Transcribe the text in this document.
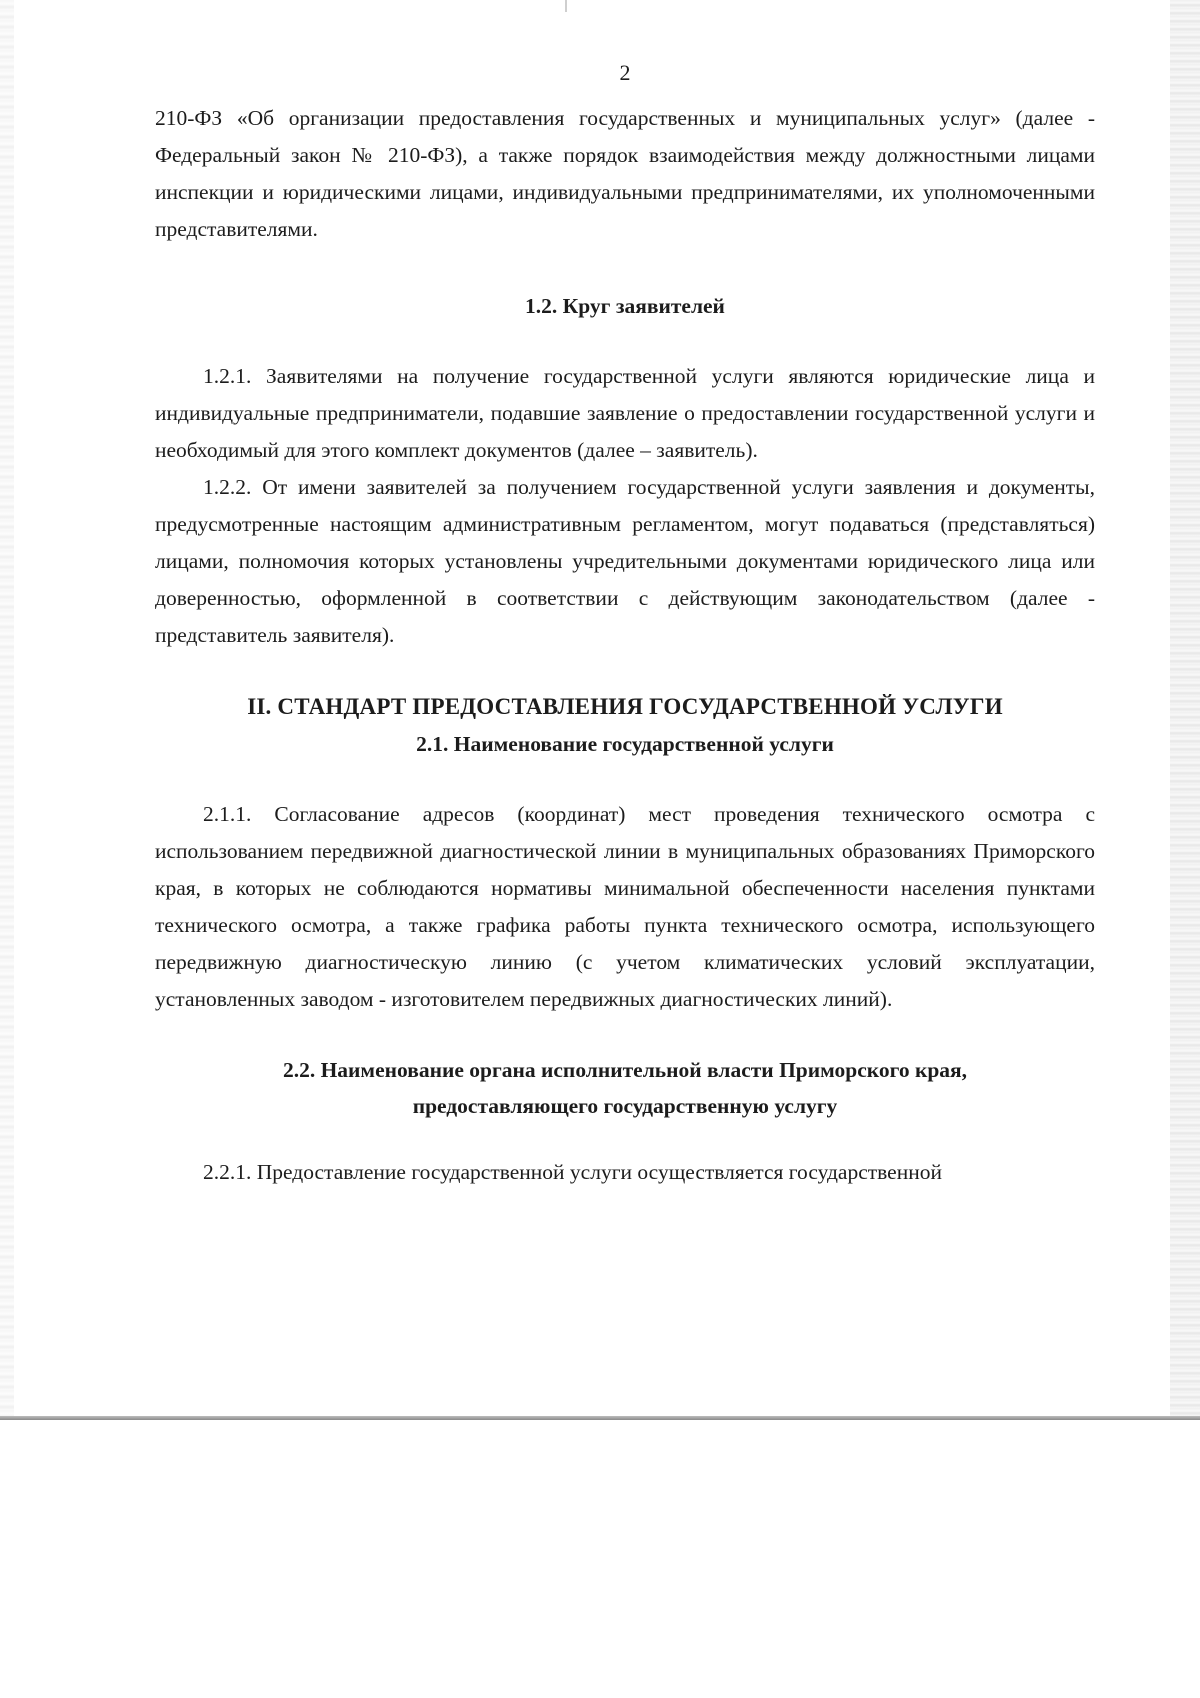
2

210-ФЗ «Об организации предоставления государственных и муниципальных услуг» (далее - Федеральный закон № 210-ФЗ), а также порядок взаимодействия между должностными лицами инспекции и юридическими лицами, индивидуальными предпринимателями, их уполномоченными представителями.

1.2. Круг заявителей

1.2.1. Заявителями на получение государственной услуги являются юридические лица и индивидуальные предприниматели, подавшие заявление о предоставлении государственной услуги и необходимый для этого комплект документов (далее – заявитель).

1.2.2. От имени заявителей за получением государственной услуги заявления и документы, предусмотренные настоящим административным регламентом, могут подаваться (представляться) лицами, полномочия которых установлены учредительными документами юридического лица или доверенностью, оформленной в соответствии с действующим законодательством (далее - представитель заявителя).

II. СТАНДАРТ ПРЕДОСТАВЛЕНИЯ ГОСУДАРСТВЕННОЙ УСЛУГИ
2.1. Наименование государственной услуги

2.1.1. Согласование адресов (координат) мест проведения технического осмотра с использованием передвижной диагностической линии в муниципальных образованиях Приморского края, в которых не соблюдаются нормативы минимальной обеспеченности населения пунктами технического осмотра, а также графика работы пункта технического осмотра, использующего передвижную диагностическую линию (с учетом климатических условий эксплуатации, установленных заводом - изготовителем передвижных диагностических линий).

2.2. Наименование органа исполнительной власти Приморского края,
предоставляющего государственную услугу

2.2.1. Предоставление государственной услуги осуществляется государственной
